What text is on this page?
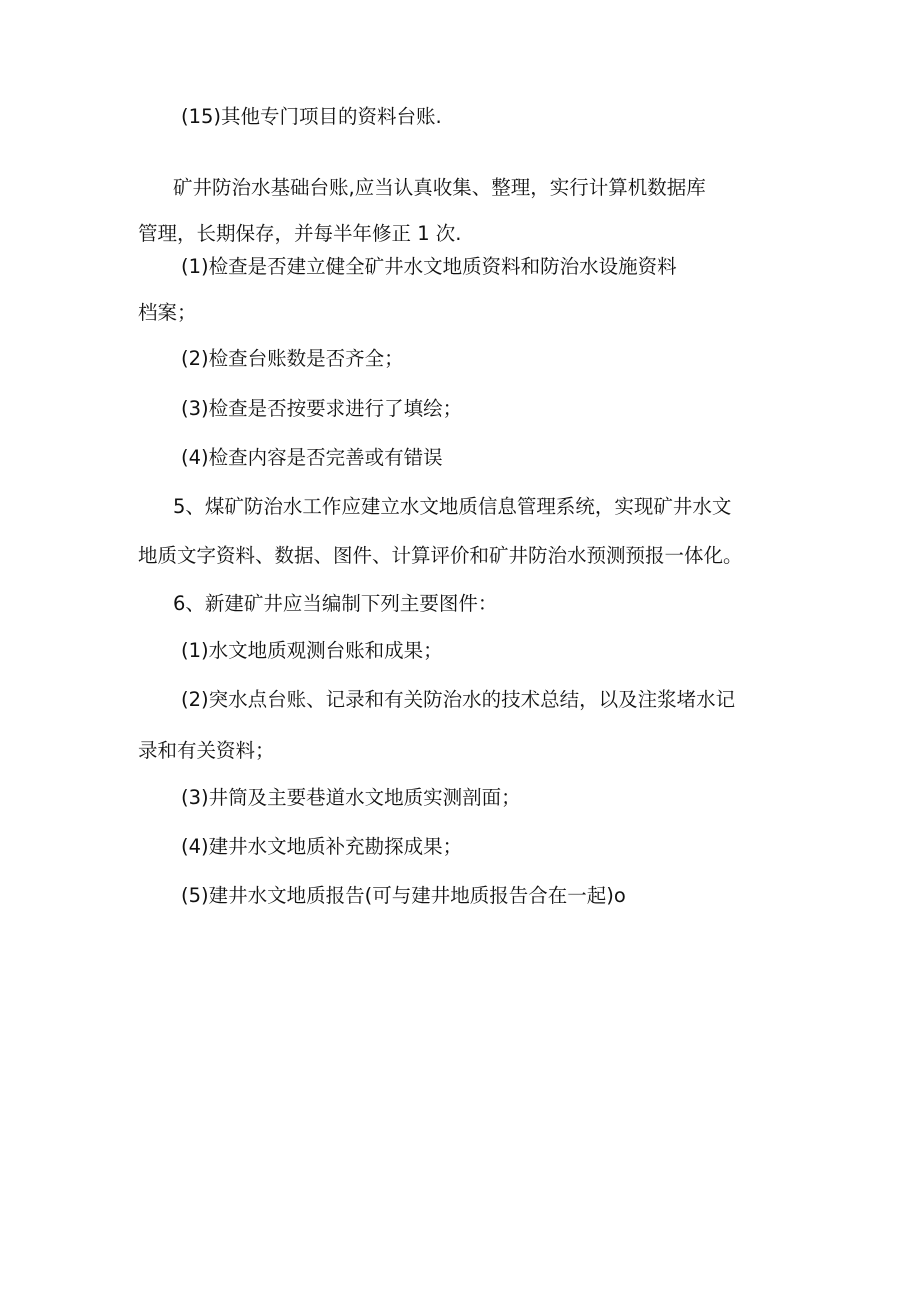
(15)其他专门项目的资料台账.
矿井防治水基础台账,应当认真收集、整理，实行计算机数据库
管理，长期保存，并每半年修正 1 次.
(1)检查是否建立健全矿井水文地质资料和防治水设施资料
档案；
(2)检查台账数是否齐全；
(3)检查是否按要求进行了填绘；
(4)检查内容是否完善或有错误
5、煤矿防治水工作应建立水文地质信息管理系统，实现矿井水文
地质文字资料、数据、图件、计算评价和矿井防治水预测预报一体化。
6、新建矿井应当编制下列主要图件：
(1)水文地质观测台账和成果；
(2)突水点台账、记录和有关防治水的技术总结，以及注浆堵水记
录和有关资料；
(3)井筒及主要巷道水文地质实测剖面；
(4)建井水文地质补充勘探成果；
(5)建井水文地质报告(可与建井地质报告合在一起)o
